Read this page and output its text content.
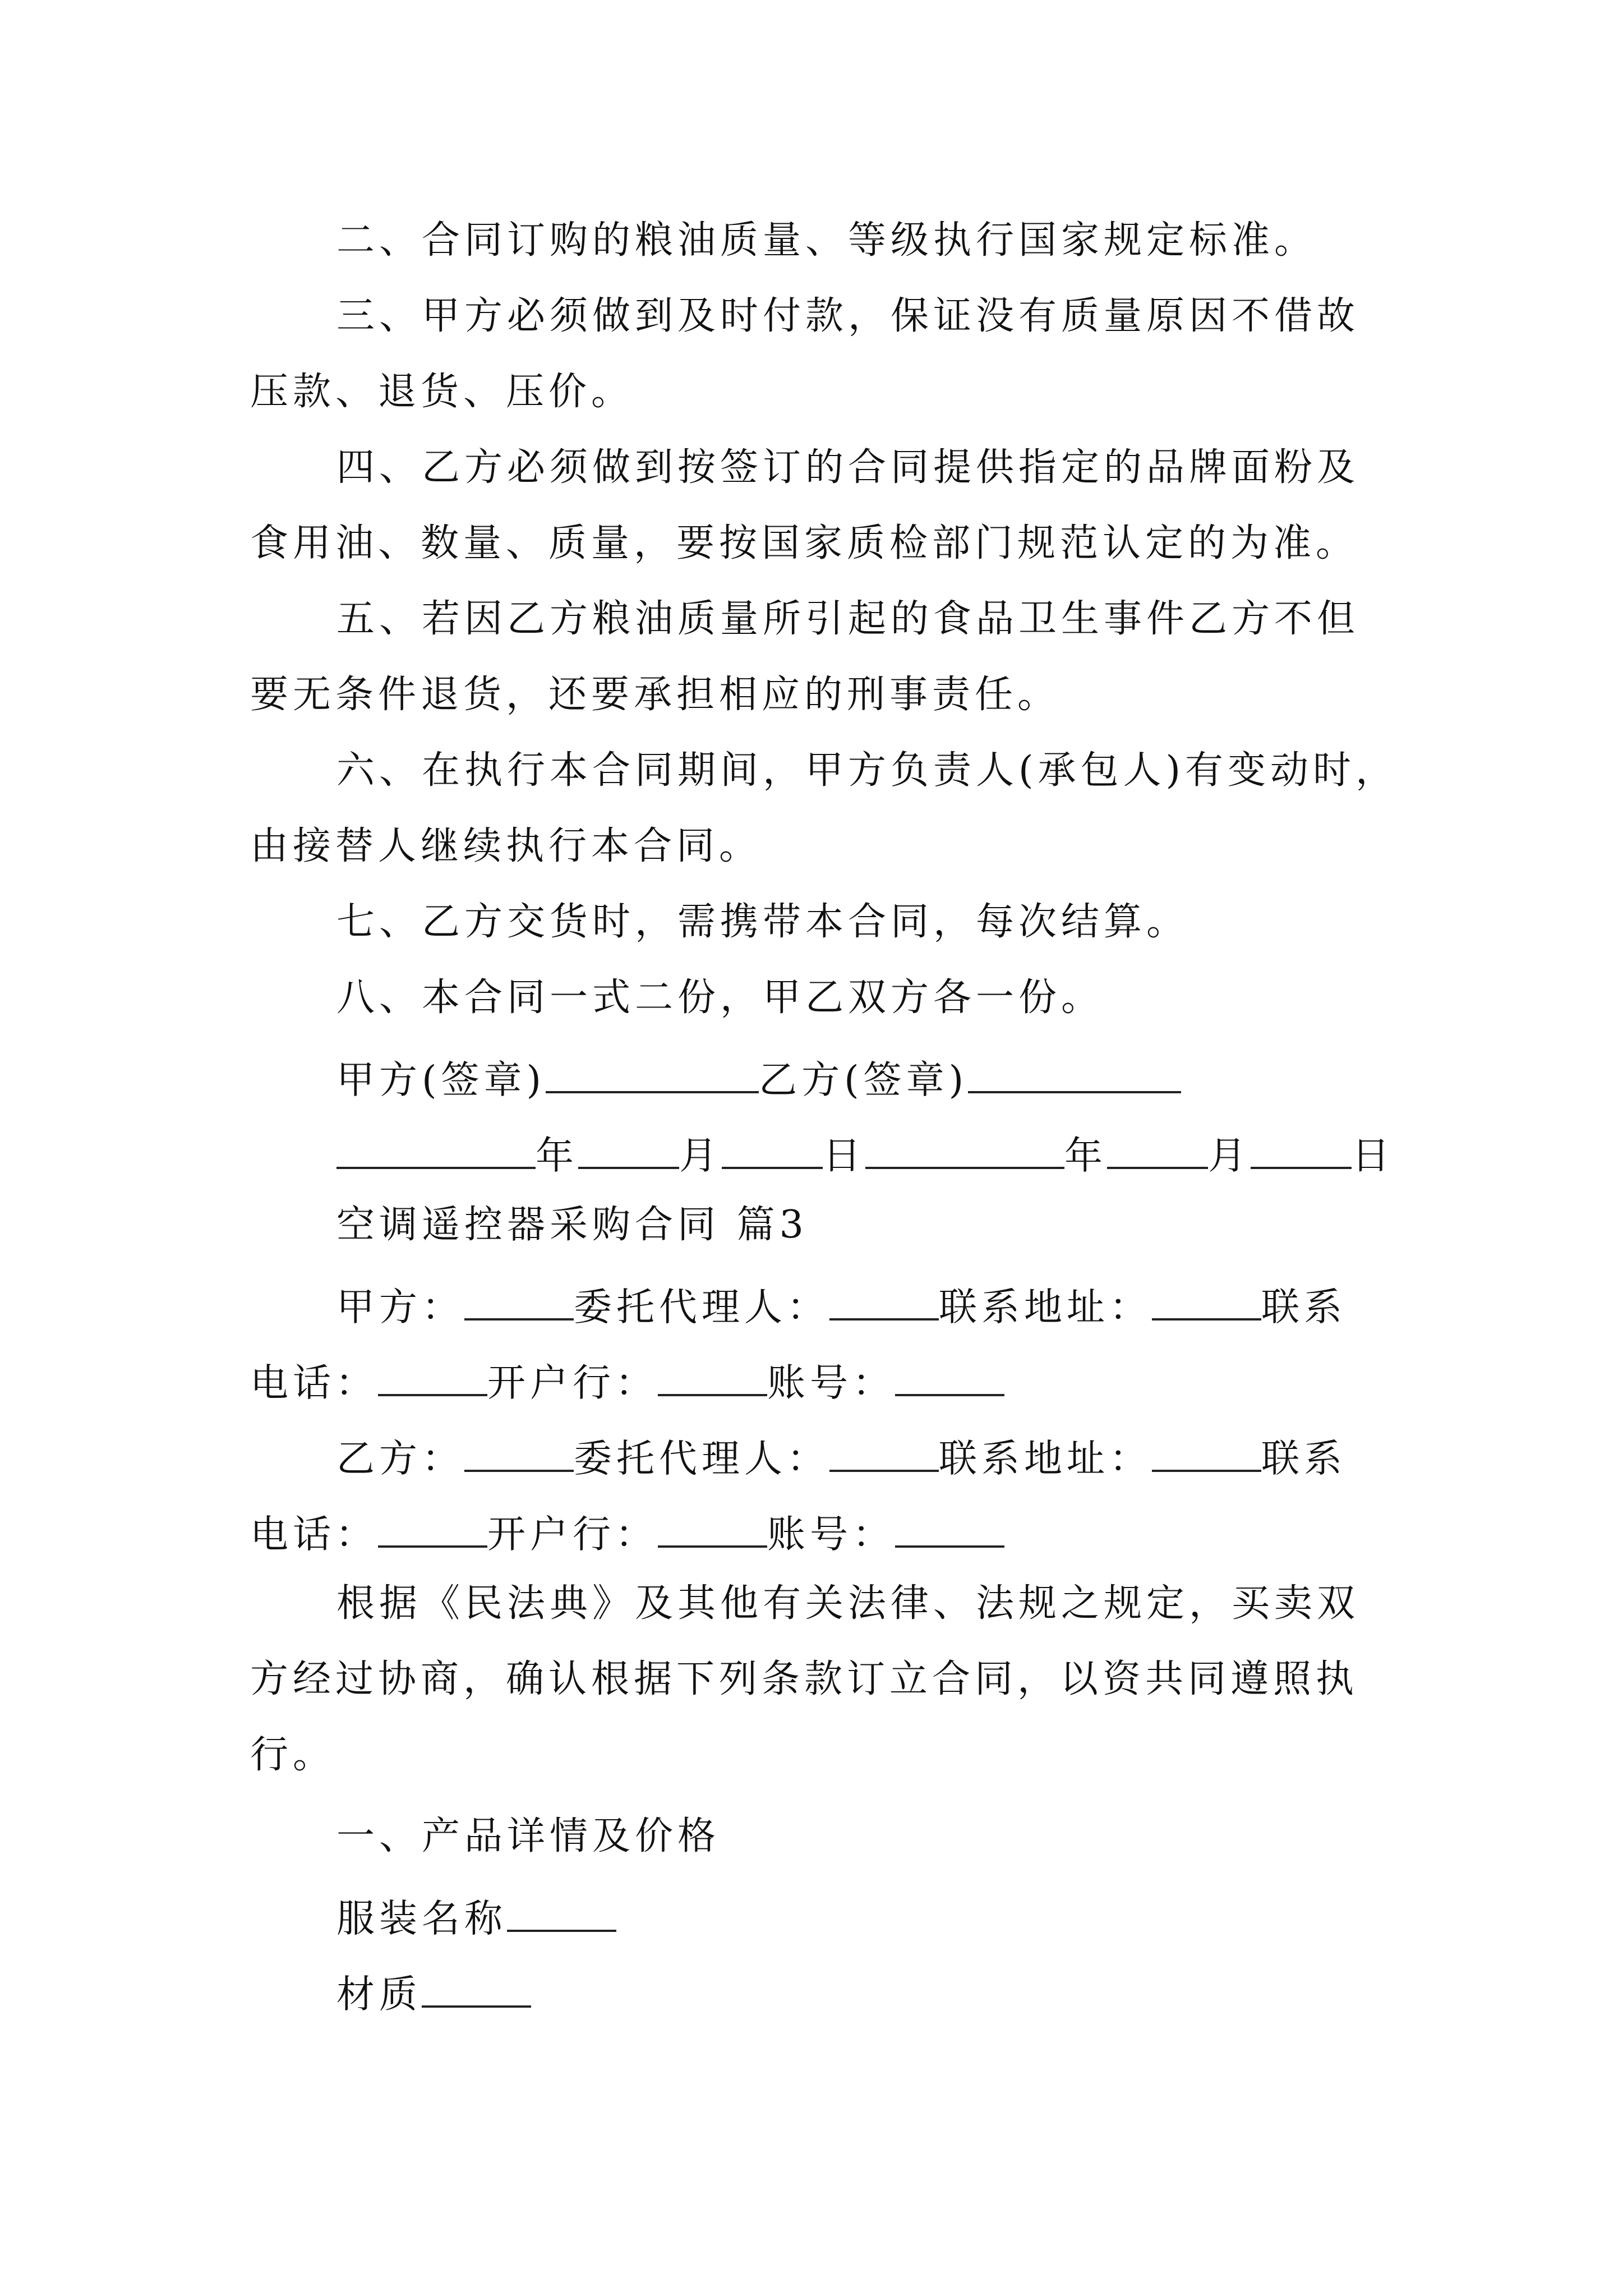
二、合同订购的粮油质量、等级执行国家规定标准。
三、甲方必须做到及时付款，保证没有质量原因不借故
压款、退货、压价。
四、乙方必须做到按签订的合同提供指定的品牌面粉及
食用油、数量、质量，要按国家质检部门规范认定的为准。
五、若因乙方粮油质量所引起的食品卫生事件乙方不但
要无条件退货，还要承担相应的刑事责任。
六、在执行本合同期间，甲方负责人(承包人)有变动时，
由接替人继续执行本合同。
七、乙方交货时，需携带本合同，每次结算。
八、本合同一式二份，甲乙双方各一份。
甲方(签章)	乙方(签章)
年	月	日	年	月	日
空调遥控器采购合同 篇3
甲方：	委托代理人：	联系地址：	联系
电话：	开户行：	账号：
乙方：	委托代理人：	联系地址：	联系
电话：	开户行：	账号：
根据《民法典》及其他有关法律、法规之规定，买卖双
方经过协商，确认根据下列条款订立合同，以资共同遵照执
行。
一、产品详情及价格
服装名称
材质
